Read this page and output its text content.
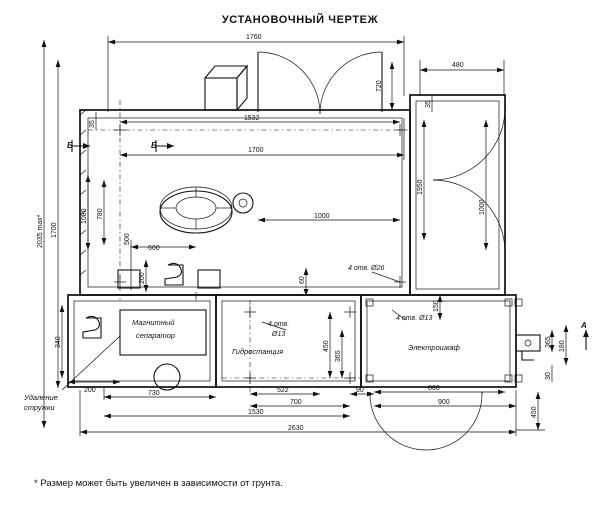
УСТАНОВОЧНЫЙ ЧЕРТЕЖ
* Размер может быть увеличен в зависимости от грунта.
1760
480
1532
1700
1000
720
35
35
1950
1000
1080 780
600
500
200	60
150
365 180
30
340
200	730	522
700
90
450
365
1530
2630
860
900
450
2035 max* 1700
Б	Б
А
Магнитный
сепаратор
Гидростанция	Электрошкаф
Удаление
стружки
4 отв. Ø26
4 отв.
Ø13
4 отв. Ø13
